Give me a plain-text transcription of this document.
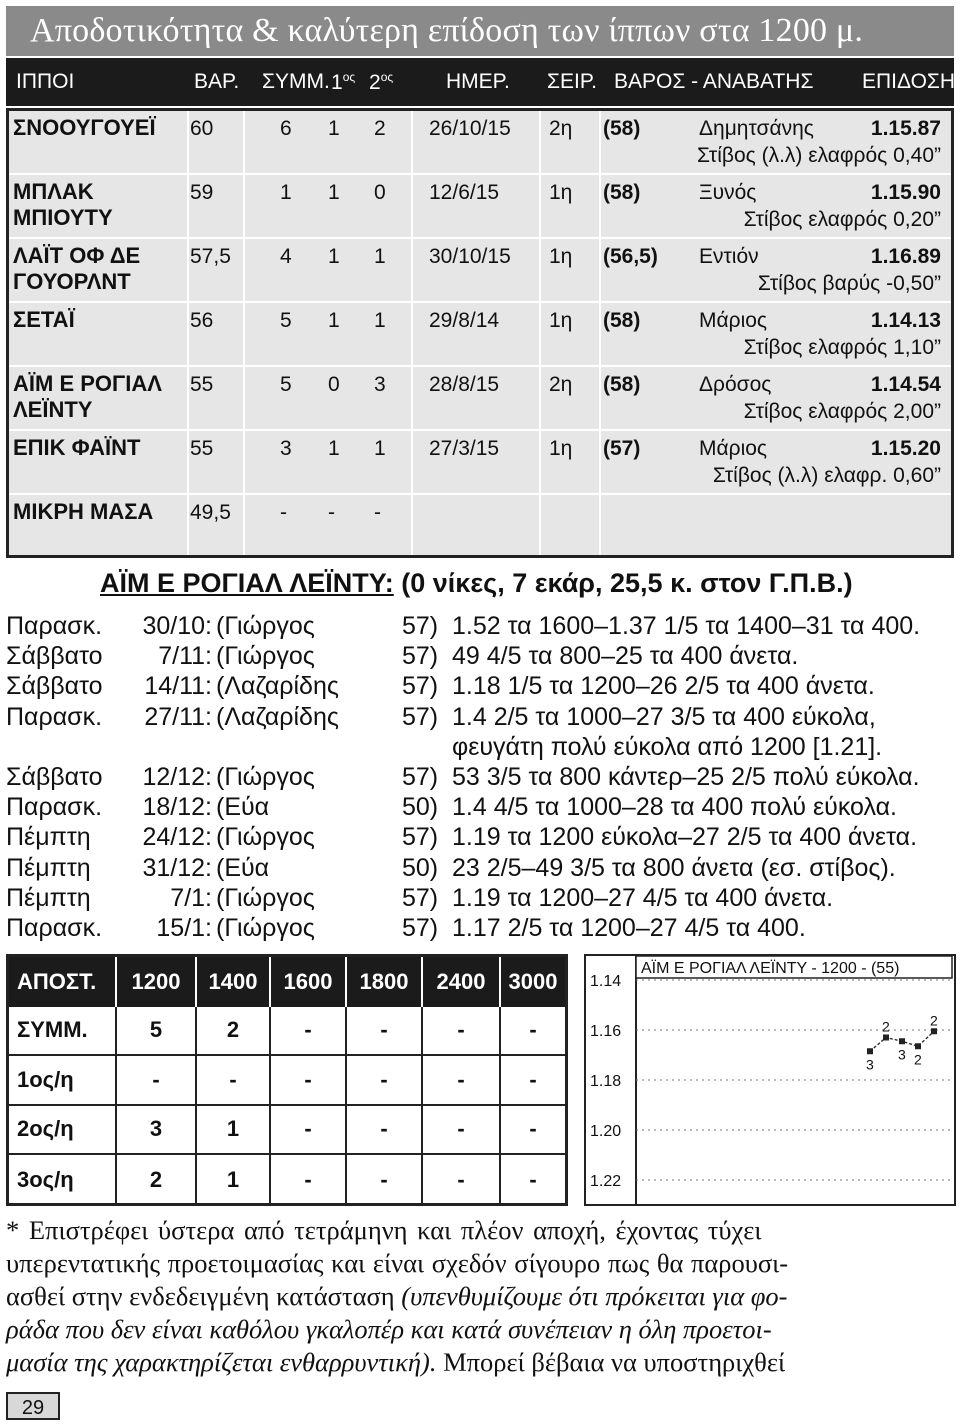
Αποδοτικότητα & καλύτερη επίδοση των ίππων στα 1200 μ.
ΙΠΠΟΙ	ΒΑΡ. ΣΥΜΜ. $1^{o\varsigma}$ $2^{o\varsigma}$	ΗΜΕΡ. ΣΕΙΡ. ΒΑΡΟΣ - ΑΝΑΒΑΤΗΣ ΕΠΙΔΟΣΗ
ΣΝΟΟΥΓΟΥΕΪ 60	6 1 2 26/10/15 2η (58)	Δημητσάνης	1.15.87
Στίβος (λ.λ) ελαφρός 0,40”
ΜΠΛΑΚ
ΜΠΙΟΥΤΥ
59	1 1 0 12/6/15 1η (58)	Ξυνός	1.15.90
Στίβος ελαφρός 0,20”
ΛΑΪΤ ΟΦ ΔΕ
ΓΟΥΟΡΛΝΤ
57,5 4 1 1 30/10/15 1η (56,5) Εντιόν	1.16.89
Στίβος βαρύς -0,50”
ΣΕΤΑΪ	56	5 1 1 29/8/14 1η (58)	Μάριος	1.14.13
Στίβος ελαφρός 1,10”
ΑΪΜ Ε ΡΟΓΙΑΛ
ΛΕΪΝΤΥ
55	5 0 3 28/8/15 2η (58)	Δρόσος	1.14.54
Στίβος ελαφρός 2,00”
ΕΠΙΚ ΦΑΪΝΤ 55	3 1 1 27/3/15 1η (57)	Μάριος	1.15.20
Στίβος (λ.λ) ελαφρ. 0,60”
ΜΙΚΡΗ ΜΑΣΑ 49,5 - - -
ΑΪΜ Ε ΡΟΓΙΑΛ ΛΕΪΝΤΥ: (0 νίκες, 7 εκάρ, 25,5 κ. στον Γ.Π.Β.)
Παρασκ. 30/10: (Γιώργος	57) 1.52 τα 1600–1.37 1/5 τα 1400–31 τα 400.
Σάββατο 7/11: (Γιώργος	57) 49 4/5 τα 800–25 τα 400 άνετα.
Σάββατο 14/11: (Λαζαρίδης	57) 1.18 1/5 τα 1200–26 2/5 τα 400 άνετα.
Παρασκ. 27/11: (Λαζαρίδης	57) 1.4 2/5 τα 1000–27 3/5 τα 400 εύκολα,
φευγάτη πολύ εύκολα από 1200 [1.21].
Σάββατο 12/12: (Γιώργος	57) 53 3/5 τα 800 κάντερ–25 2/5 πολύ εύκολα.
Παρασκ. 18/12: (Εύα	50) 1.4 4/5 τα 1000–28 τα 400 πολύ εύκολα.
Πέμπτη 24/12: (Γιώργος	57) 1.19 τα 1200 εύκολα–27 2/5 τα 400 άνετα.
Πέμπτη 31/12: (Εύα	50) 23 2/5–49 3/5 τα 800 άνετα (εσ. στίβος).
Πέμπτη	7/1: (Γιώργος	57) 1.19 τα 1200–27 4/5 τα 400 άνετα.
Παρασκ. 15/1: (Γιώργος	57) 1.17 2/5 τα 1200–27 4/5 τα 400.
ΑΠΟΣΤ.	1200	1400	1600	1800	2400	3000
ΣΥΜΜ.	5	2	-	-	-	-
1ος/η	-	-	-	-	-	-
2ος/η	3	1	-	-	-	-
3ος/η	2	1	-	-	-	-
1.14
1.16
1.18
1.20
1.22
ΑΪΜ Ε ΡΟΓΙΑΛ ΛΕΪΝΤΥ - 1200 - (55)
3
2
3 2
2
* Επιστρέφει ύστερα από τετράμηνη και πλέον αποχή, έχοντας τύχει
υπερεντατικής προετοιμασίας και είναι σχεδόν σίγουρο πως θα παρουσι-
ασθεί στην ενδεδειγμένη κατάσταση (υπενθυμίζουμε ότι πρόκειται για φο-
ράδα που δεν είναι καθόλου γκαλοπέρ και κατά συνέπειαν η όλη προετοι-
μασία της χαρακτηρίζεται ενθαρρυντική). Μπορεί βέβαια να υποστηριχθεί
29
